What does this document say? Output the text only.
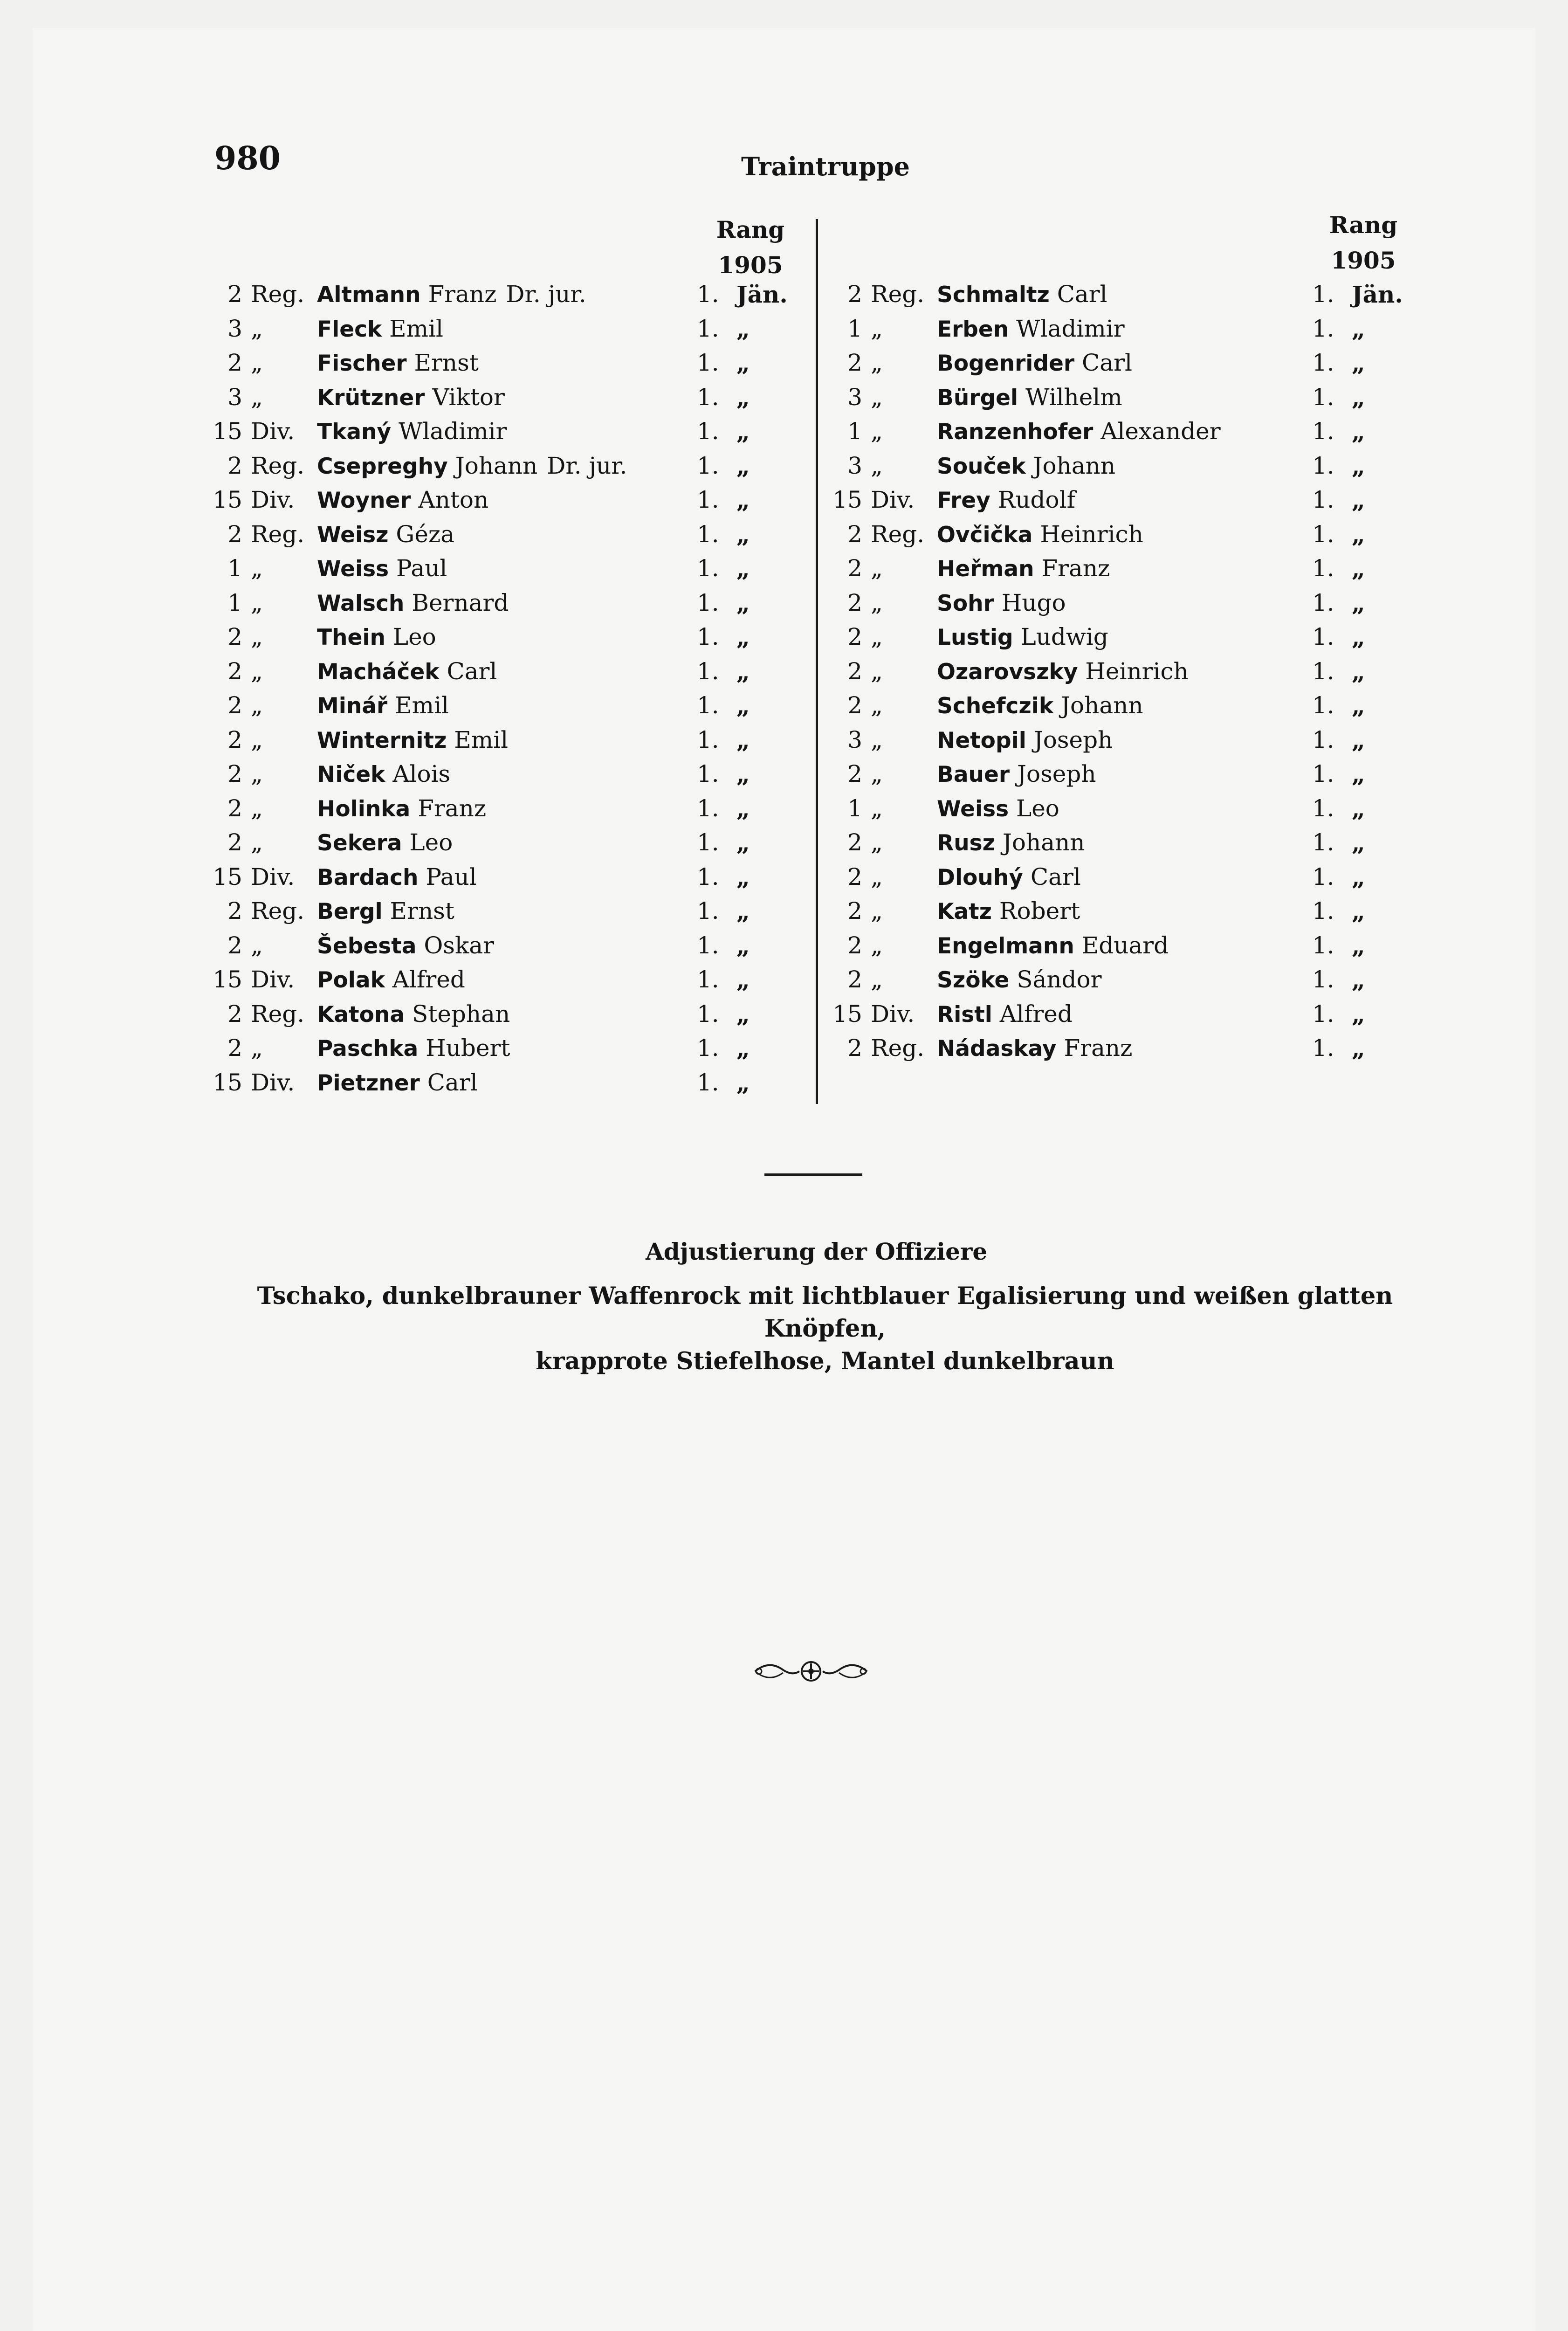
980	Traintruppe
Rang
1905
Rang
1905
2 Reg. Altmann Franz Dr. jur.	1. Jän.
3 „ Fleck Emil	1. „
2 „ Fischer Ernst	1. „
3 „ Krützner Viktor	1. „
15 Div. Tkaný Wladimir	1. „
2 Reg. Csepreghy Johann Dr. jur.	1. „
15 Div. Woyner Anton	1. „
2 Reg. Weisz Géza	1. „
1 „ Weiss Paul	1. „
1 „ Walsch Bernard	1. „
2 „ Thein Leo	1. „
2 „ Macháček Carl	1. „
2 „ Minář Emil	1. „
2 „ Winternitz Emil	1. „
2 „ Niček Alois	1. „
2 „ Holinka Franz	1. „
2 „ Sekera Leo	1. „
15 Div. Bardach Paul	1. „
2 Reg. Bergl Ernst	1. „
2 „ Šebesta Oskar	1. „
15 Div. Polak Alfred	1. „
2 Reg. Katona Stephan	1. „
2 „ Paschka Hubert	1. „
15 Div. Pietzner Carl	1. „
2 Reg. Schmaltz Carl	1. Jän.
1 „ Erben Wladimir	1. „
2 „ Bogenrider Carl	1. „
3 „ Bürgel Wilhelm	1. „
1 „ Ranzenhofer Alexander	1. „
3 „ Souček Johann	1. „
15 Div. Frey Rudolf	1. „
2 Reg. Ovčička Heinrich	1. „
2 „ Heřman Franz	1. „
2 „ Sohr Hugo	1. „
2 „ Lustig Ludwig	1. „
2 „ Ozarovszky Heinrich	1. „
2 „ Schefczik Johann	1. „
3 „ Netopil Joseph	1. „
2 „ Bauer Joseph	1. „
1 „ Weiss Leo	1. „
2 „ Rusz Johann	1. „
2 „ Dlouhý Carl	1. „
2 „ Katz Robert	1. „
2 „ Engelmann Eduard	1. „
2 „ Szöke Sándor	1. „
15 Div. Ristl Alfred	1. „
2 Reg. Nádaskay Franz	1. „
Adjustierung der Offiziere
Tschako, dunkelbrauner Waffenrock mit lichtblauer Egalisierung und weißen glatten Knöpfen,
krapprote Stiefelhose, Mantel dunkelbraun
